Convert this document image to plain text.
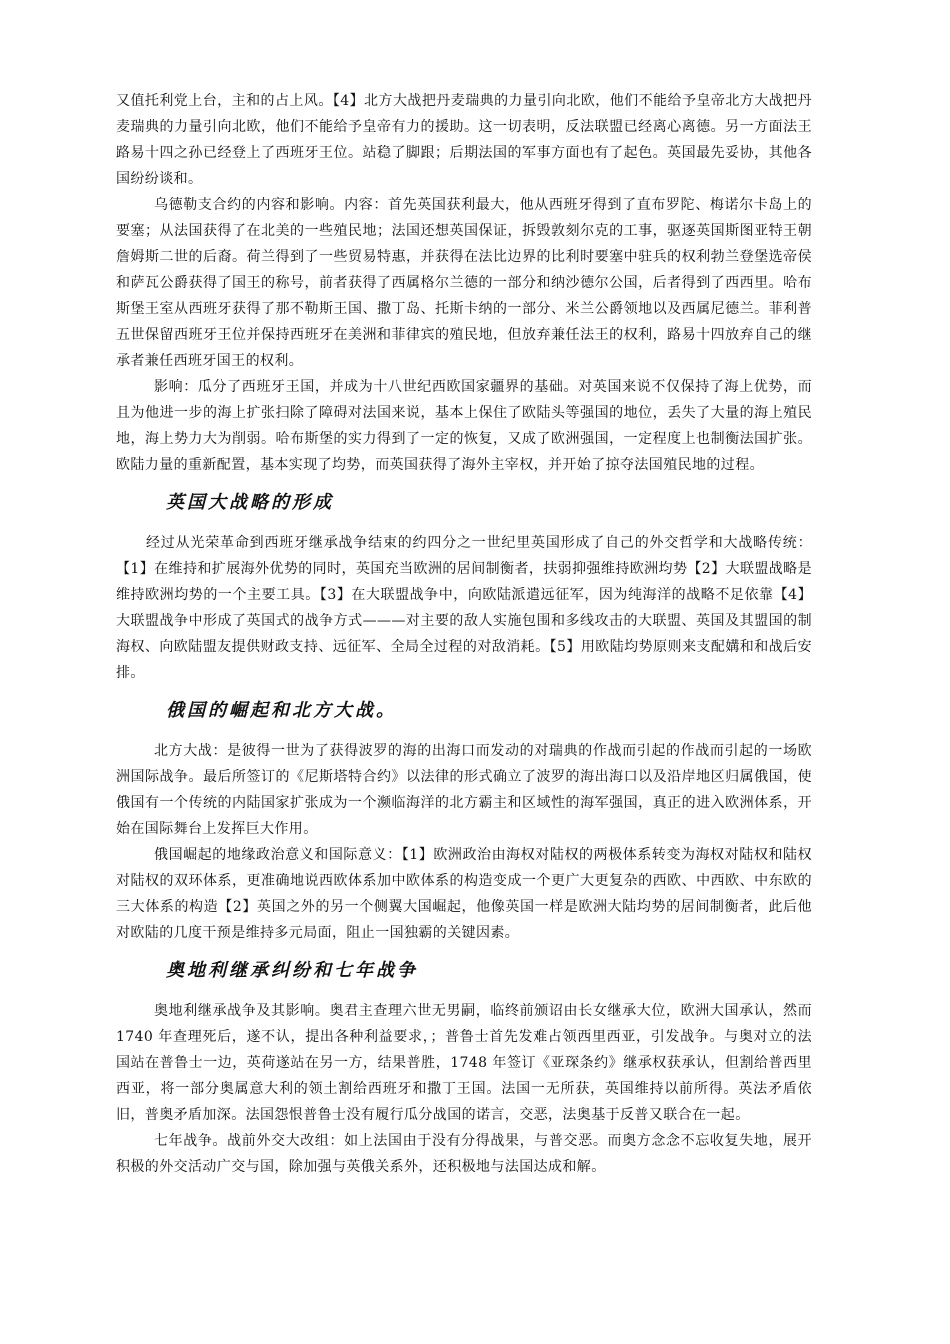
又值托利党上台，主和的占上风。【4】北方大战把丹麦瑞典的力量引向北欧，他们不能给予皇帝北方大战把丹麦瑞典的力量引向北欧，他们不能给予皇帝有力的援助。这一切表明，反法联盟已经离心离德。另一方面法王路易十四之孙已经登上了西班牙王位。站稳了脚跟；后期法国的军事方面也有了起色。英国最先妥协，其他各国纷纷谈和。

乌德勒支合约的内容和影响。内容：首先英国获利最大，他从西班牙得到了直布罗陀、梅诺尔卡岛上的要塞；从法国获得了在北美的一些殖民地；法国还想英国保证，拆毁敦刻尔克的工事，驱逐英国斯图亚特王朝詹姆斯二世的后裔。荷兰得到了一些贸易特惠，并获得在法比边界的比利时要塞中驻兵的权利勃兰登堡选帝侯和萨瓦公爵获得了国王的称号，前者获得了西属格尔兰德的一部分和纳沙德尔公国，后者得到了西西里。哈布斯堡王室从西班牙获得了那不勒斯王国、撒丁岛、托斯卡纳的一部分、米兰公爵领地以及西属尼德兰。菲利普五世保留西班牙王位并保持西班牙在美洲和菲律宾的殖民地，但放弃兼任法王的权利，路易十四放弃自己的继承者兼任西班牙国王的权利。

影响：瓜分了西班牙王国，并成为十八世纪西欧国家疆界的基础。对英国来说不仅保持了海上优势，而且为他进一步的海上扩张扫除了障碍对法国来说，基本上保住了欧陆头等强国的地位，丢失了大量的海上殖民地，海上势力大为削弱。哈布斯堡的实力得到了一定的恢复，又成了欧洲强国，一定程度上也制衡法国扩张。欧陆力量的重新配置，基本实现了均势，而英国获得了海外主宰权，并开始了掠夺法国殖民地的过程。

英国大战略的形成

经过从光荣革命到西班牙继承战争结束的约四分之一世纪里英国形成了自己的外交哲学和大战略传统：【1】在维持和扩展海外优势的同时，英国充当欧洲的居间制衡者，扶弱抑强维持欧洲均势【2】大联盟战略是维持欧洲均势的一个主要工具。【3】在大联盟战争中，向欧陆派遣远征军，因为纯海洋的战略不足依靠【4】大联盟战争中形成了英国式的战争方式———对主要的敌人实施包围和多线攻击的大联盟、英国及其盟国的制海权、向欧陆盟友提供财政支持、远征军、全局全过程的对敌消耗。【5】用欧陆均势原则来支配媾和和战后安排。

俄国的崛起和北方大战。

北方大战：是彼得一世为了获得波罗的海的出海口而发动的对瑞典的作战而引起的作战而引起的一场欧洲国际战争。最后所签订的《尼斯塔特合约》以法律的形式确立了波罗的海出海口以及沿岸地区归属俄国，使俄国有一个传统的内陆国家扩张成为一个濒临海洋的北方霸主和区域性的海军强国，真正的进入欧洲体系，开始在国际舞台上发挥巨大作用。

俄国崛起的地缘政治意义和国际意义：【1】欧洲政治由海权对陆权的两极体系转变为海权对陆权和陆权对陆权的双环体系，更准确地说西欧体系加中欧体系的构造变成一个更广大更复杂的西欧、中西欧、中东欧的三大体系的构造【2】英国之外的另一个侧翼大国崛起，他像英国一样是欧洲大陆均势的居间制衡者，此后他对欧陆的几度干预是维持多元局面，阻止一国独霸的关键因素。

奥地利继承纠纷和七年战争

奥地利继承战争及其影响。奥君主查理六世无男嗣，临终前颁诏由长女继承大位，欧洲大国承认，然而 1740 年查理死后，遂不认，提出各种利益要求，；普鲁士首先发难占领西里西亚，引发战争。与奥对立的法国站在普鲁士一边，英荷遂站在另一方，结果普胜，1748 年签订《亚琛条约》继承权获承认，但割给普西里西亚，将一部分奥属意大利的领土割给西班牙和撒丁王国。法国一无所获，英国维持以前所得。英法矛盾依旧，普奥矛盾加深。法国怨恨普鲁士没有履行瓜分战国的诺言，交恶，法奥基于反普又联合在一起。

七年战争。战前外交大改组：如上法国由于没有分得战果，与普交恶。而奥方念念不忘收复失地，展开积极的外交活动广交与国，除加强与英俄关系外，还积极地与法国达成和解。
